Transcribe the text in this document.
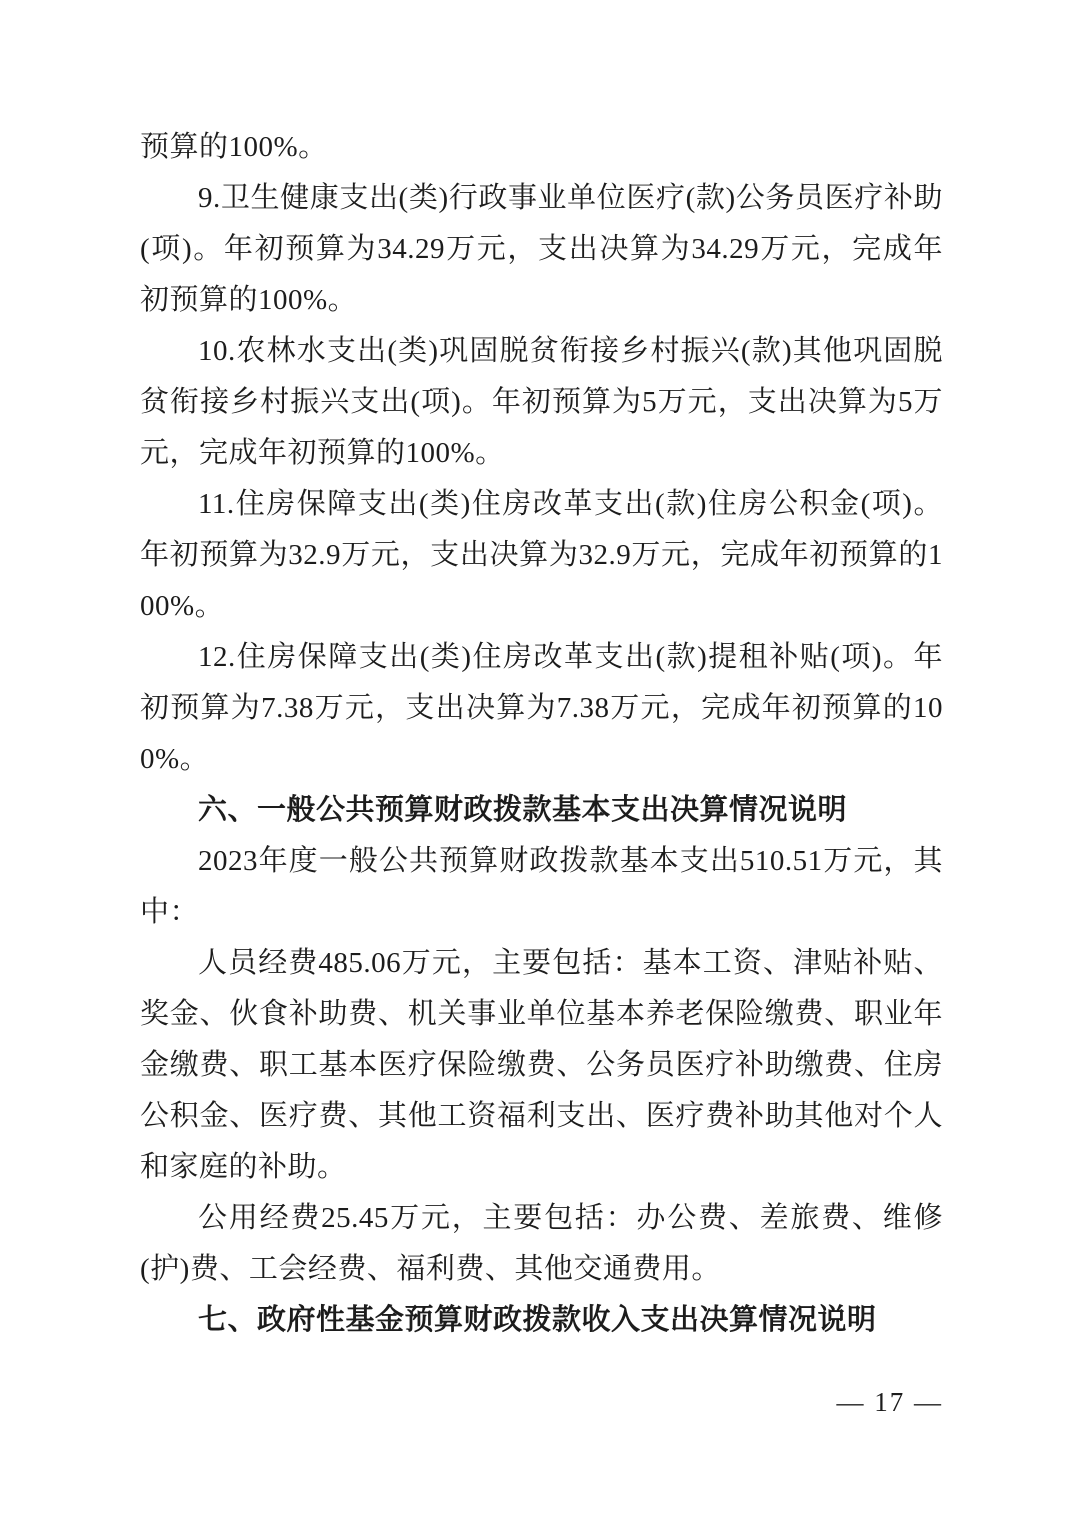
预算的100%。

9.卫生健康支出(类)行政事业单位医疗(款)公务员医疗补助(项)。年初预算为34.29万元，支出决算为34.29万元，完成年初预算的100%。

10.农林水支出(类)巩固脱贫衔接乡村振兴(款)其他巩固脱贫衔接乡村振兴支出(项)。年初预算为5万元，支出决算为5万元，完成年初预算的100%。

11.住房保障支出(类)住房改革支出(款)住房公积金(项)。年初预算为32.9万元，支出决算为32.9万元，完成年初预算的100%。

12.住房保障支出(类)住房改革支出(款)提租补贴(项)。年初预算为7.38万元，支出决算为7.38万元，完成年初预算的100%。

六、一般公共预算财政拨款基本支出决算情况说明

2023年度一般公共预算财政拨款基本支出510.51万元，其中：

人员经费485.06万元，主要包括：基本工资、津贴补贴、奖金、伙食补助费、机关事业单位基本养老保险缴费、职业年金缴费、职工基本医疗保险缴费、公务员医疗补助缴费、住房公积金、医疗费、其他工资福利支出、医疗费补助其他对个人和家庭的补助。

公用经费25.45万元，主要包括：办公费、差旅费、维修(护)费、工会经费、福利费、其他交通费用。

七、政府性基金预算财政拨款收入支出决算情况说明
— 17 —
